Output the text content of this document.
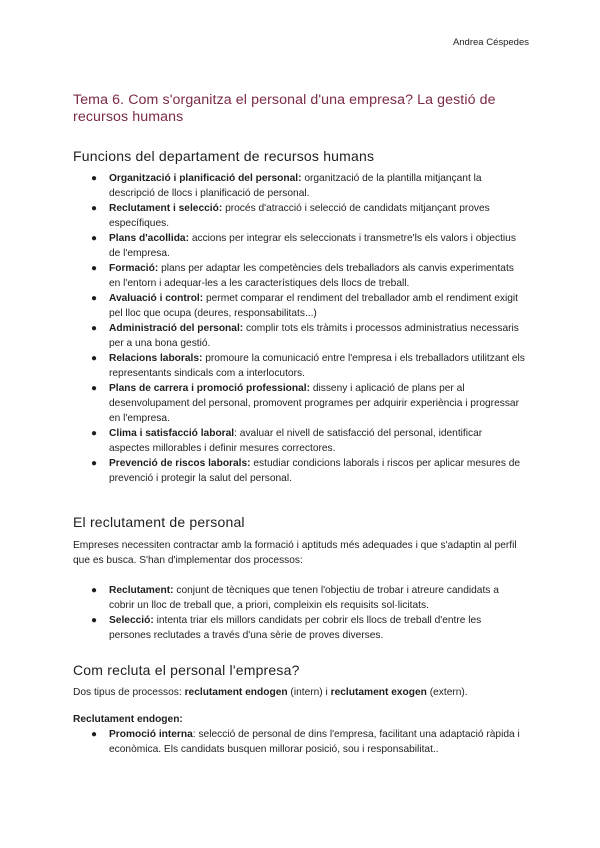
Andrea Céspedes
Tema 6. Com s'organitza el personal d'una empresa? La gestió de recursos humans
Funcions del departament de recursos humans
● Organització i planificació del personal: organització de la plantilla mitjançant la descripció de llocs i planificació de personal.
● Reclutament i selecció: procés d'atracció i selecció de candidats mitjançant proves específiques.
● Plans d'acollida: accions per integrar els seleccionats i transmetre'ls els valors i objectius de l'empresa.
● Formació: plans per adaptar les competències dels treballadors als canvis experimentats en l'entorn i adequar-les a les característiques dels llocs de treball.
● Avaluació i control: permet comparar el rendiment del treballador amb el rendiment exigit pel lloc que ocupa (deures, responsabilitats...)
● Administració del personal: complir tots els tràmits i processos administratius necessaris per a una bona gestió.
● Relacions laborals: promoure la comunicació entre l'empresa i els treballadors utilitzant els representants sindicals com a interlocutors.
● Plans de carrera i promoció professional: disseny i aplicació de plans per al desenvolupament del personal, promovent programes per adquirir experiència i progressar en l'empresa.
● Clima i satisfacció laboral: avaluar el nivell de satisfacció del personal, identificar aspectes millorables i definir mesures correctores.
● Prevenció de riscos laborals: estudiar condicions laborals i riscos per aplicar mesures de prevenció i protegir la salut del personal.
El reclutament de personal

Empreses necessiten contractar amb la formació i aptituds més adequades i que s'adaptin al perfil que es busca. S'han d'implementar dos processos:

● Reclutament: conjunt de tècniques que tenen l'objectiu de trobar i atreure candidats a cobrir un lloc de treball que, a priori, compleixin els requisits sol·licitats.
● Selecció: intenta triar els millors candidats per cobrir els llocs de treball d'entre les persones reclutades a través d'una sèrie de proves diverses.
Com recluta el personal l'empresa?

Dos tipus de processos: reclutament endogen (intern) i reclutament exogen (extern).

Reclutament endogen:

● Promoció interna: selecció de personal de dins l'empresa, facilitant una adaptació ràpida i econòmica. Els candidats busquen millorar posició, sou i responsabilitat..
